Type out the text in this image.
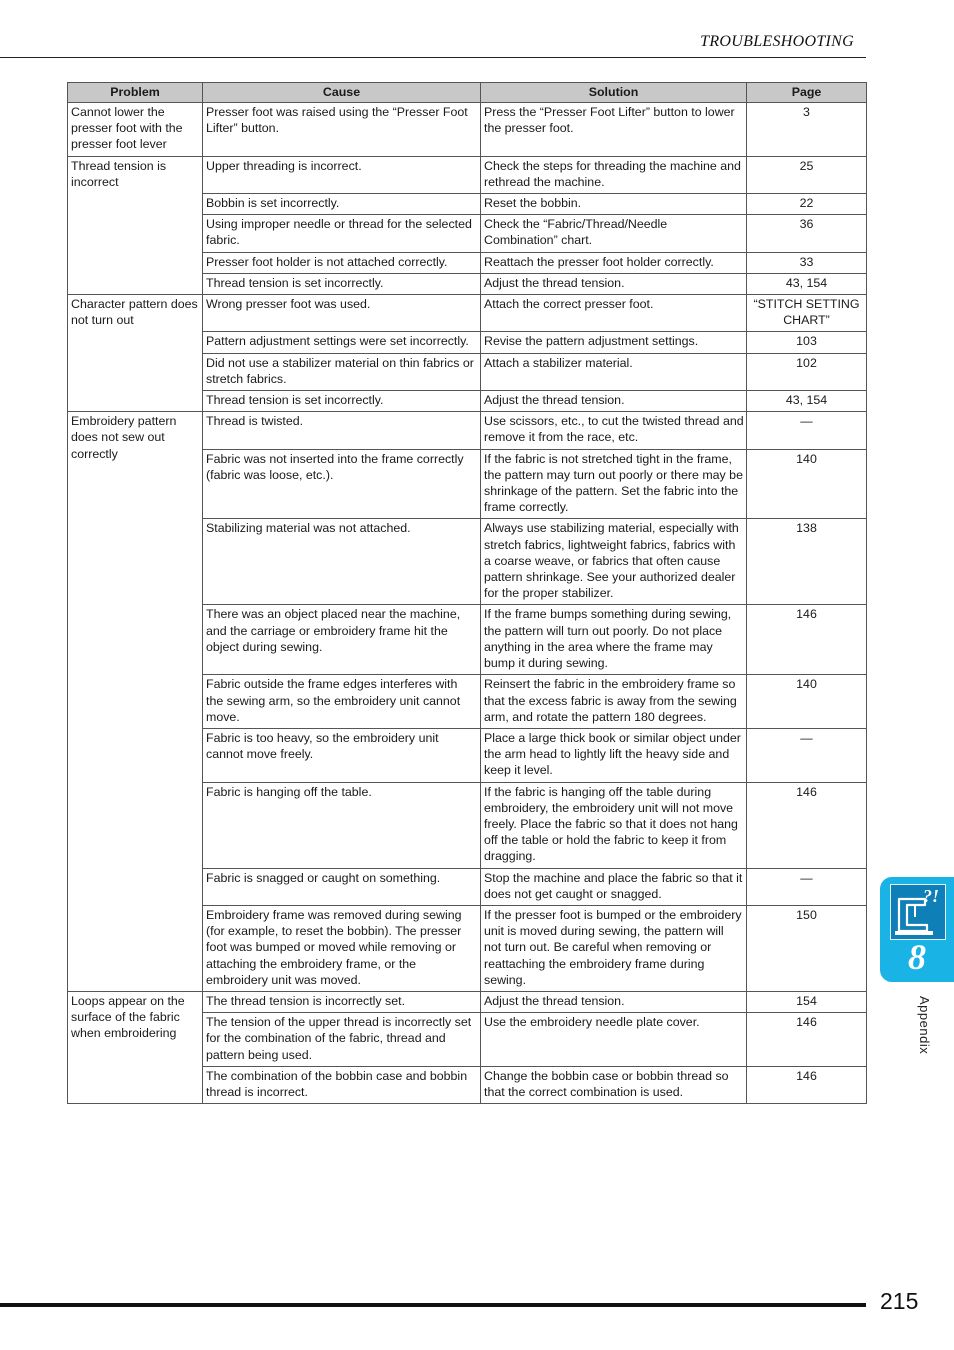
TROUBLESHOOTING
Problem	Cause	Solution	Page
Cannot lower the presser foot with the presser foot lever	Presser foot was raised using the “Presser Foot Lifter” button.	Press the “Presser Foot Lifter” button to lower the presser foot.	3
Thread tension is incorrect	Upper threading is incorrect.	Check the steps for threading the machine and rethread the machine.	25
	Bobbin is set incorrectly.	Reset the bobbin.	22
	Using improper needle or thread for the selected fabric.	Check the “Fabric/Thread/Needle Combination” chart.	36
	Presser foot holder is not attached correctly.	Reattach the presser foot holder correctly.	33
	Thread tension is set incorrectly.	Adjust the thread tension.	43, 154
Character pattern does not turn out	Wrong presser foot was used.	Attach the correct presser foot.	“STITCH SETTING CHART”
	Pattern adjustment settings were set incorrectly.	Revise the pattern adjustment settings.	103
	Did not use a stabilizer material on thin fabrics or stretch fabrics.	Attach a stabilizer material.	102
	Thread tension is set incorrectly.	Adjust the thread tension.	43, 154
Embroidery pattern does not sew out correctly	Thread is twisted.	Use scissors, etc., to cut the twisted thread and remove it from the race, etc.	—
	Fabric was not inserted into the frame correctly (fabric was loose, etc.).	If the fabric is not stretched tight in the frame, the pattern may turn out poorly or there may be shrinkage of the pattern. Set the fabric into the frame correctly.	140
	Stabilizing material was not attached.	Always use stabilizing material, especially with stretch fabrics, lightweight fabrics, fabrics with a coarse weave, or fabrics that often cause pattern shrinkage. See your authorized dealer for the proper stabilizer.	138
	There was an object placed near the machine, and the carriage or embroidery frame hit the object during sewing.	If the frame bumps something during sewing, the pattern will turn out poorly. Do not place anything in the area where the frame may bump it during sewing.	146
	Fabric outside the frame edges interferes with the sewing arm, so the embroidery unit cannot move.	Reinsert the fabric in the embroidery frame so that the excess fabric is away from the sewing arm, and rotate the pattern 180 degrees.	140
	Fabric is too heavy, so the embroidery unit cannot move freely.	Place a large thick book or similar object under the arm head to lightly lift the heavy side and keep it level.	—
	Fabric is hanging off the table.	If the fabric is hanging off the table during embroidery, the embroidery unit will not move freely. Place the fabric so that it does not hang off the table or hold the fabric to keep it from dragging.	146
	Fabric is snagged or caught on something.	Stop the machine and place the fabric so that it does not get caught or snagged.	—
	Embroidery frame was removed during sewing (for example, to reset the bobbin). The presser foot was bumped or moved while removing or attaching the embroidery frame, or the embroidery unit was moved.	If the presser foot is bumped or the embroidery unit is moved during sewing, the pattern will not turn out. Be careful when removing or reattaching the embroidery frame during sewing.	150
Loops appear on the surface of the fabric when embroidering	The thread tension is incorrectly set.	Adjust the thread tension.	154
	The tension of the upper thread is incorrectly set for the combination of the fabric, thread and pattern being used.	Use the embroidery needle plate cover.	146
	The combination of the bobbin case and bobbin thread is incorrect.	Change the bobbin case or bobbin thread so that the correct combination is used.	146
?!
8
Appendix
215
